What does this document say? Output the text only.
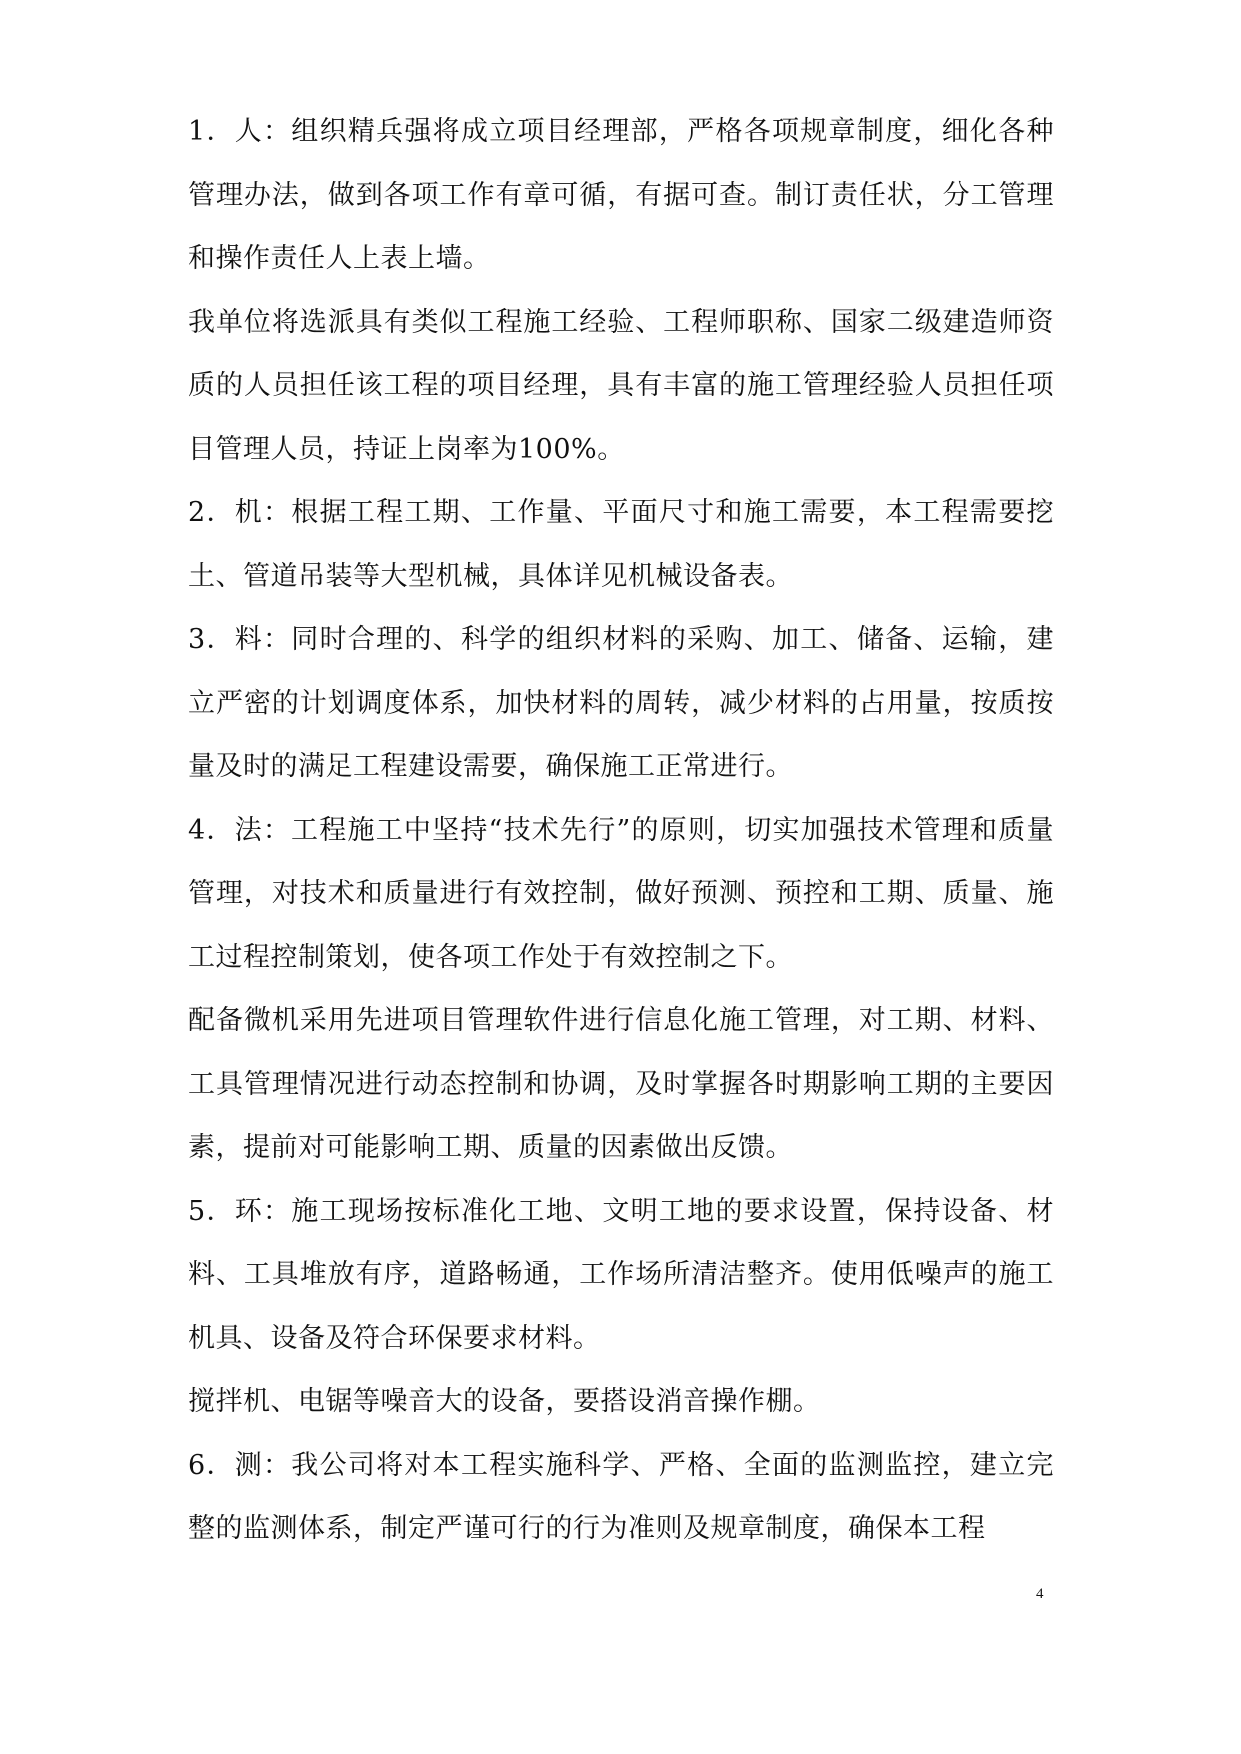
1．人：组织精兵强将成立项目经理部，严格各项规章制度，细化各种管理办法，做到各项工作有章可循，有据可查。制订责任状，分工管理和操作责任人上表上墙。

我单位将选派具有类似工程施工经验、工程师职称、国家二级建造师资质的人员担任该工程的项目经理，具有丰富的施工管理经验人员担任项目管理人员，持证上岗率为100%。

2．机：根据工程工期、工作量、平面尺寸和施工需要，本工程需要挖土、管道吊装等大型机械，具体详见机械设备表。

3．料：同时合理的、科学的组织材料的采购、加工、储备、运输，建立严密的计划调度体系，加快材料的周转，减少材料的占用量，按质按量及时的满足工程建设需要，确保施工正常进行。

4．法：工程施工中坚持“技术先行”的原则，切实加强技术管理和质量管理，对技术和质量进行有效控制，做好预测、预控和工期、质量、施工过程控制策划，使各项工作处于有效控制之下。

配备微机采用先进项目管理软件进行信息化施工管理，对工期、材料、工具管理情况进行动态控制和协调，及时掌握各时期影响工期的主要因素，提前对可能影响工期、质量的因素做出反馈。

5．环：施工现场按标准化工地、文明工地的要求设置，保持设备、材料、工具堆放有序，道路畅通，工作场所清洁整齐。使用低噪声的施工机具、设备及符合环保要求材料。

搅拌机、电锯等噪音大的设备，要搭设消音操作棚。

6．测：我公司将对本工程实施科学、严格、全面的监测监控，建立完整的监测体系，制定严谨可行的行为准则及规章制度，确保本工程

4
